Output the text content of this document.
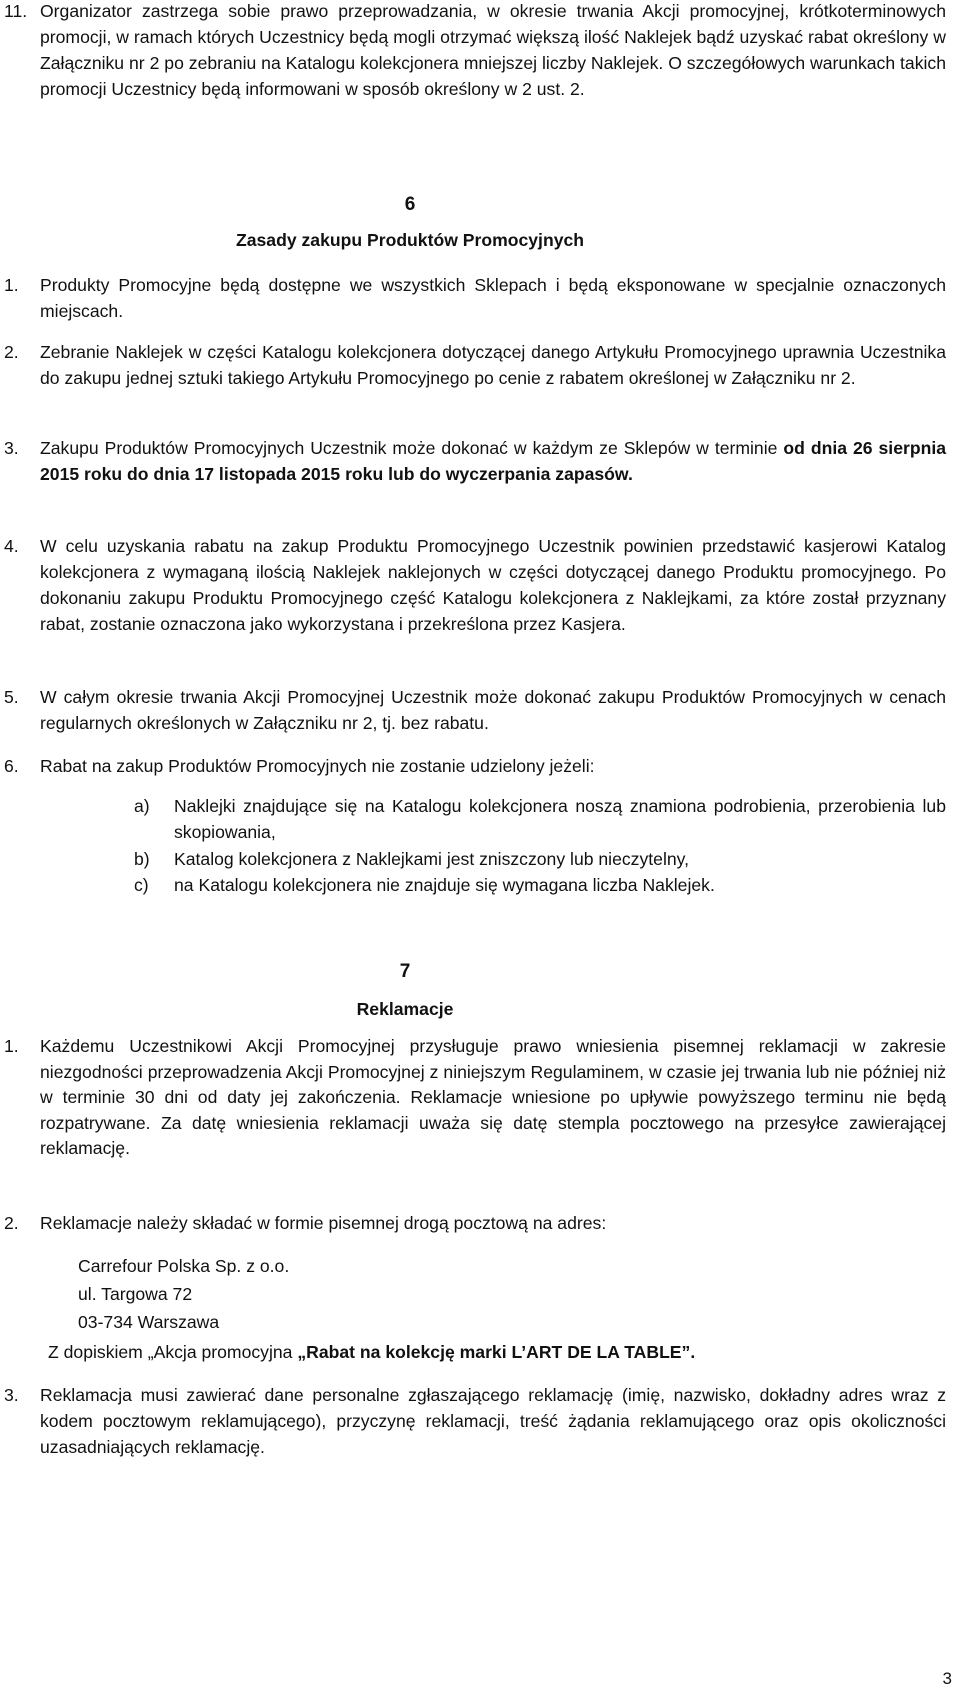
11. Organizator zastrzega sobie prawo przeprowadzania, w okresie trwania Akcji promocyjnej, krótkoterminowych promocji, w ramach których Uczestnicy będą mogli otrzymać większą ilość Naklejek bądź uzyskać rabat określony w Załączniku nr 2 po zebraniu na Katalogu kolekcjonera mniejszej liczby Naklejek. O szczegółowych warunkach takich promocji Uczestnicy będą informowani w sposób określony w 2 ust. 2.
6
Zasady zakupu Produktów Promocyjnych
1. Produkty Promocyjne będą dostępne we wszystkich Sklepach i będą eksponowane w specjalnie oznaczonych miejscach.
2. Zebranie Naklejek w części Katalogu kolekcjonera dotyczącej danego Artykułu Promocyjnego uprawnia Uczestnika do zakupu jednej sztuki takiego Artykułu Promocyjnego po cenie z rabatem określonej w Załączniku nr 2.
3. Zakupu Produktów Promocyjnych Uczestnik może dokonać w każdym ze Sklepów w terminie od dnia 26 sierpnia 2015 roku do dnia 17 listopada 2015 roku lub do wyczerpania zapasów.
4. W celu uzyskania rabatu na zakup Produktu Promocyjnego Uczestnik powinien przedstawić kasjerowi Katalog kolekcjonera z wymaganą ilością Naklejek naklejonych w części dotyczącej danego Produktu promocyjnego. Po dokonaniu zakupu Produktu Promocyjnego część Katalogu kolekcjonera z Naklejkami, za które został przyznany rabat, zostanie oznaczona jako wykorzystana i przekreślona przez Kasjera.
5. W całym okresie trwania Akcji Promocyjnej Uczestnik może dokonać zakupu Produktów Promocyjnych w cenach regularnych określonych w Załączniku nr 2, tj. bez rabatu.
6. Rabat na zakup Produktów Promocyjnych nie zostanie udzielony jeżeli:
a) Naklejki znajdujące się na Katalogu kolekcjonera noszą znamiona podrobienia, przerobienia lub skopiowania,
b) Katalog kolekcjonera z Naklejkami jest zniszczony lub nieczytelny,
c) na Katalogu kolekcjonera nie znajduje się wymagana liczba Naklejek.
7
Reklamacje
1. Każdemu Uczestnikowi Akcji Promocyjnej przysługuje prawo wniesienia pisemnej reklamacji w zakresie niezgodności przeprowadzenia Akcji Promocyjnej z niniejszym Regulaminem, w czasie jej trwania lub nie później niż w terminie 30 dni od daty jej zakończenia. Reklamacje wniesione po upływie powyższego terminu nie będą rozpatrywane. Za datę wniesienia reklamacji uważa się datę stempla pocztowego na przesyłce zawierającej reklamację.
2. Reklamacje należy składać w formie pisemnej drogą pocztową na adres:
Carrefour Polska Sp. z o.o.
ul. Targowa 72
03-734 Warszawa
Z dopiskiem „Akcja promocyjna „Rabat na kolekcję marki L’ART DE LA TABLE”.
3. Reklamacja musi zawierać dane personalne zgłaszającego reklamację (imię, nazwisko, dokładny adres wraz z kodem pocztowym reklamującego), przyczynę reklamacji, treść żądania reklamującego oraz opis okoliczności uzasadniających reklamację.
3
